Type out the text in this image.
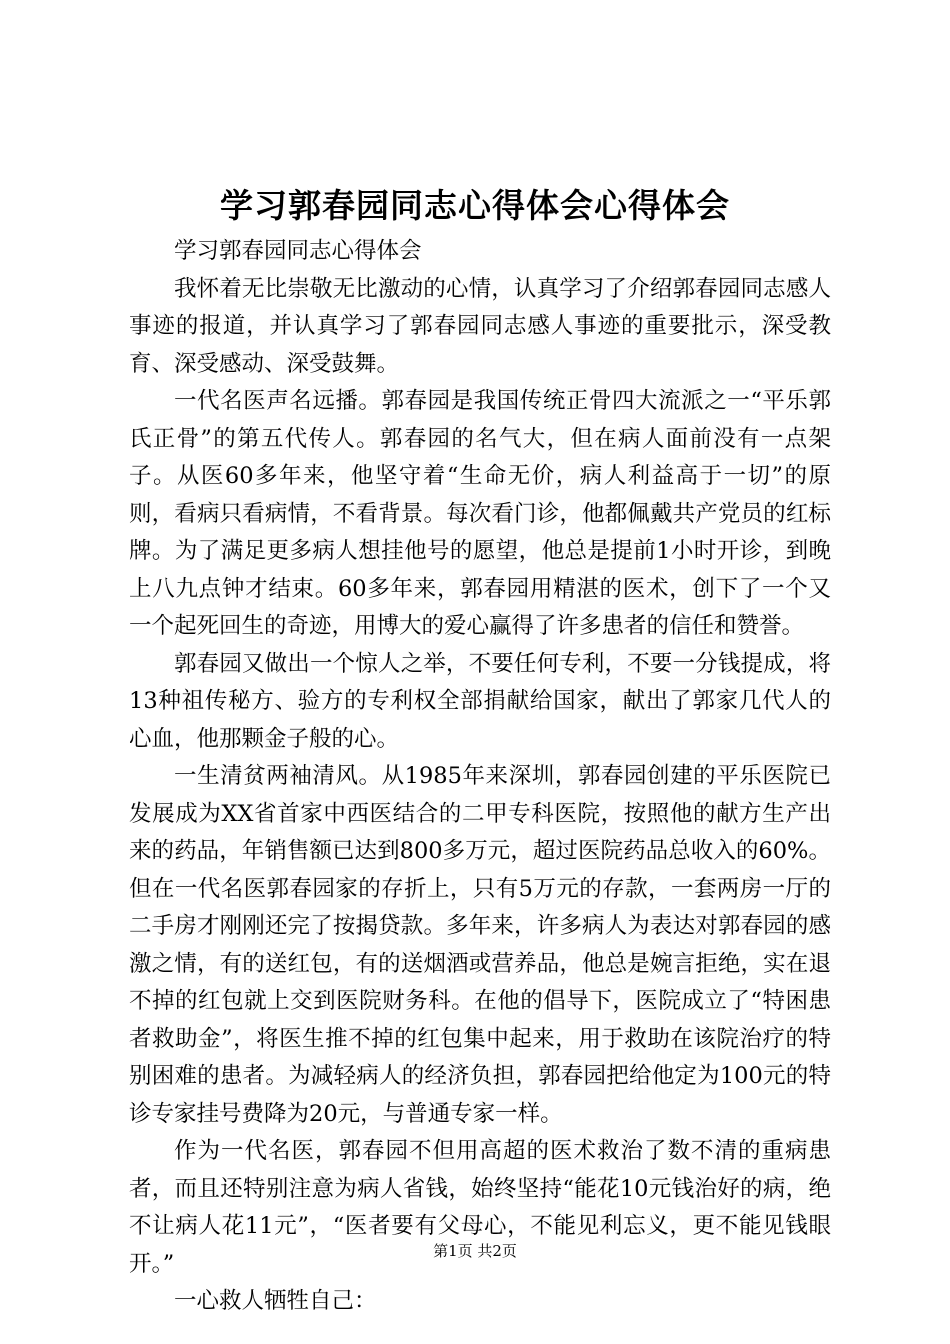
学习郭春园同志心得体会心得体会

学习郭春园同志心得体会

我怀着无比崇敬无比激动的心情，认真学习了介绍郭春园同志感人事迹的报道，并认真学习了郭春园同志感人事迹的重要批示，深受教育、深受感动、深受鼓舞。

一代名医声名远播。郭春园是我国传统正骨四大流派之一“平乐郭氏正骨”的第五代传人。郭春园的名气大，但在病人面前没有一点架子。从医60多年来，他坚守着“生命无价，病人利益高于一切”的原则，看病只看病情，不看背景。每次看门诊，他都佩戴共产党员的红标牌。为了满足更多病人想挂他号的愿望，他总是提前1小时开诊，到晚上八九点钟才结束。60多年来，郭春园用精湛的医术，创下了一个又一个起死回生的奇迹，用博大的爱心赢得了许多患者的信任和赞誉。

郭春园又做出一个惊人之举，不要任何专利，不要一分钱提成，将13种祖传秘方、验方的专利权全部捐献给国家，献出了郭家几代人的心血，他那颗金子般的心。

一生清贫两袖清风。从1985年来深圳，郭春园创建的平乐医院已发展成为XX省首家中西医结合的二甲专科医院，按照他的献方生产出来的药品，年销售额已达到800多万元，超过医院药品总收入的60%。但在一代名医郭春园家的存折上，只有5万元的存款，一套两房一厅的二手房才刚刚还完了按揭贷款。多年来，许多病人为表达对郭春园的感激之情，有的送红包，有的送烟酒或营养品，他总是婉言拒绝，实在退不掉的红包就上交到医院财务科。在他的倡导下，医院成立了“特困患者救助金”，将医生推不掉的红包集中起来，用于救助在该院治疗的特别困难的患者。为减轻病人的经济负担，郭春园把给他定为100元的特诊专家挂号费降为20元，与普通专家一样。

作为一代名医，郭春园不但用高超的医术救治了数不清的重病患者，而且还特别注意为病人省钱，始终坚持“能花10元钱治好的病，绝不让病人花11元”，“医者要有父母心，不能见利忘义，更不能见钱眼开。”

一心救人牺牲自己：

第1页 共2页
